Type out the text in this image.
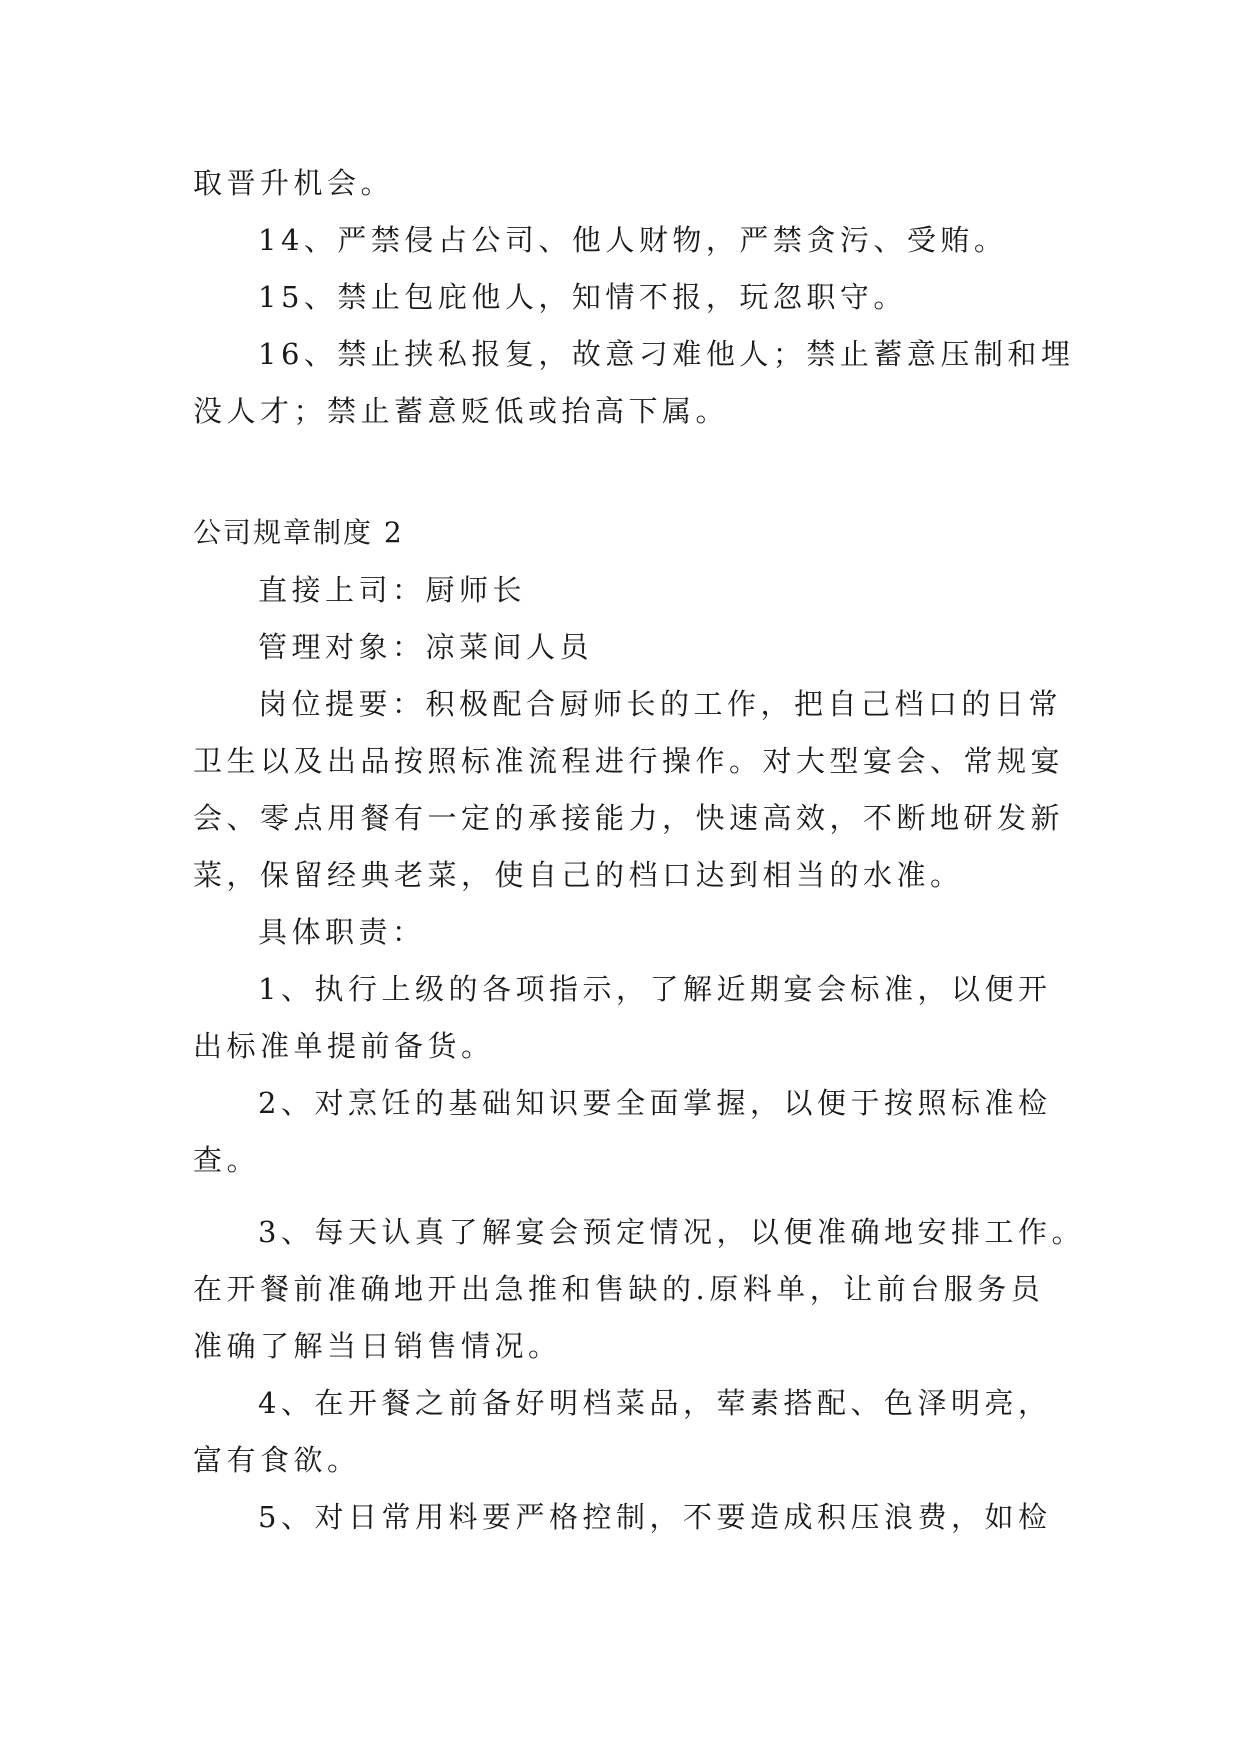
取晋升机会。

14、严禁侵占公司、他人财物，严禁贪污、受贿。

15、禁止包庇他人，知情不报，玩忽职守。

16、禁止挟私报复，故意刁难他人；禁止蓄意压制和埋

没人才；禁止蓄意贬低或抬高下属。

公司规章制度 2

直接上司：厨师长

管理对象：凉菜间人员

岗位提要：积极配合厨师长的工作，把自己档口的日常

卫生以及出品按照标准流程进行操作。对大型宴会、常规宴

会、零点用餐有一定的承接能力，快速高效，不断地研发新

菜，保留经典老菜，使自己的档口达到相当的水准。

具体职责：

1、执行上级的各项指示，了解近期宴会标准，以便开

出标准单提前备货。

2、对烹饪的基础知识要全面掌握，以便于按照标准检

查。

3、每天认真了解宴会预定情况，以便准确地安排工作。

在开餐前准确地开出急推和售缺的.原料单，让前台服务员

准确了解当日销售情况。

4、在开餐之前备好明档菜品，荤素搭配、色泽明亮，

富有食欲。

5、对日常用料要严格控制，不要造成积压浪费，如检
